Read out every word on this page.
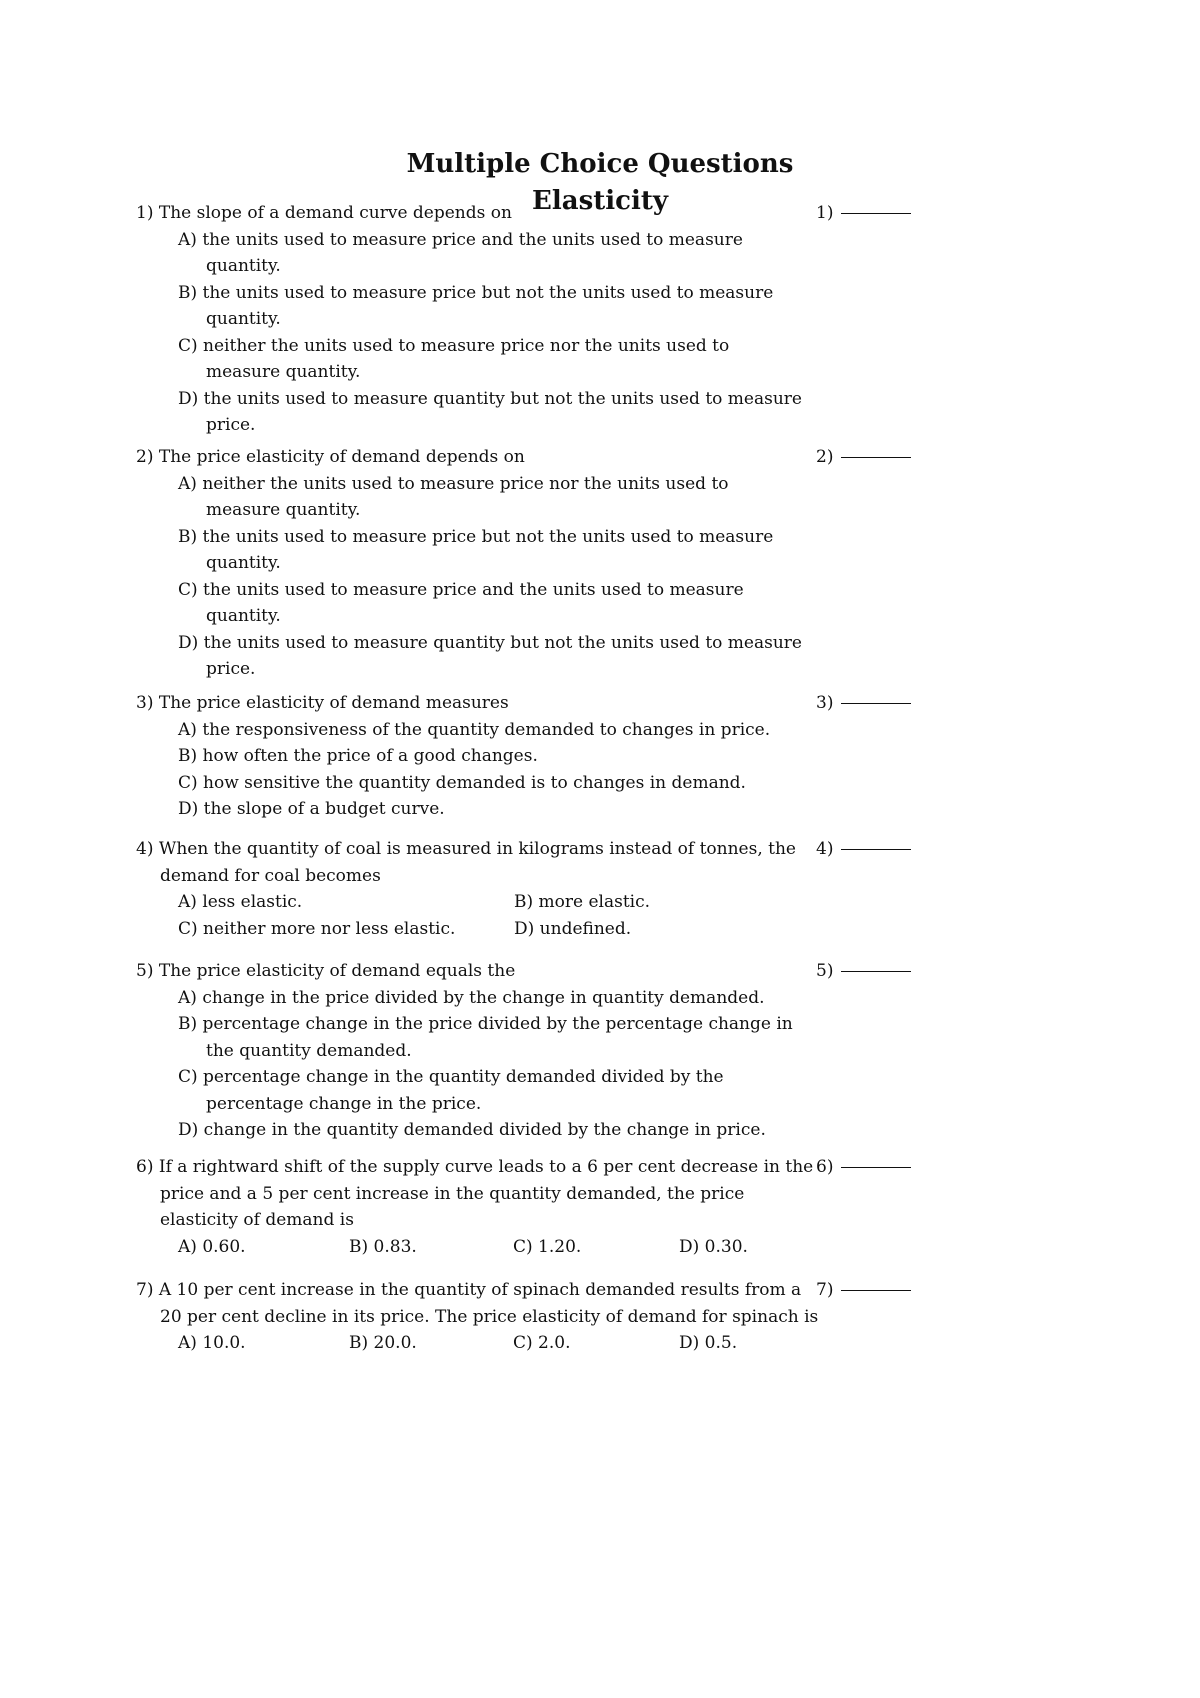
Multiple Choice Questions
Elasticity
1) The slope of a demand curve depends on	1)
A) the units used to measure price and the units used to measure quantity.
B) the units used to measure price but not the units used to measure quantity.
C) neither the units used to measure price nor the units used to measure quantity.
D) the units used to measure quantity but not the units used to measure price.
2) The price elasticity of demand depends on	2)
A) neither the units used to measure price nor the units used to measure quantity.
B) the units used to measure price but not the units used to measure quantity.
C) the units used to measure price and the units used to measure quantity.
D) the units used to measure quantity but not the units used to measure price.
3) The price elasticity of demand measures	3)
A) the responsiveness of the quantity demanded to changes in price.
B) how often the price of a good changes.
C) how sensitive the quantity demanded is to changes in demand.
D) the slope of a budget curve.
4) When the quantity of coal is measured in kilograms instead of tonnes, the demand for coal becomes
4)
A) less elastic.	B) more elastic.
C) neither more nor less elastic.	D) undefined.
5) The price elasticity of demand equals the	5)
A) change in the price divided by the change in quantity demanded.
B) percentage change in the price divided by the percentage change in the quantity demanded.
C) percentage change in the quantity demanded divided by the percentage change in the price.
D) change in the quantity demanded divided by the change in price.
6) If a rightward shift of the supply curve leads to a 6 per cent decrease in the price and a 5 per cent increase in the quantity demanded, the price elasticity of demand is
6)
A) 0.60.	B) 0.83.	C) 1.20.	D) 0.30.
7) A 10 per cent increase in the quantity of spinach demanded results from a 20 per cent decline in its price. The price elasticity of demand for spinach is
7)
A) 10.0.	B) 20.0.	C) 2.0.	D) 0.5.
